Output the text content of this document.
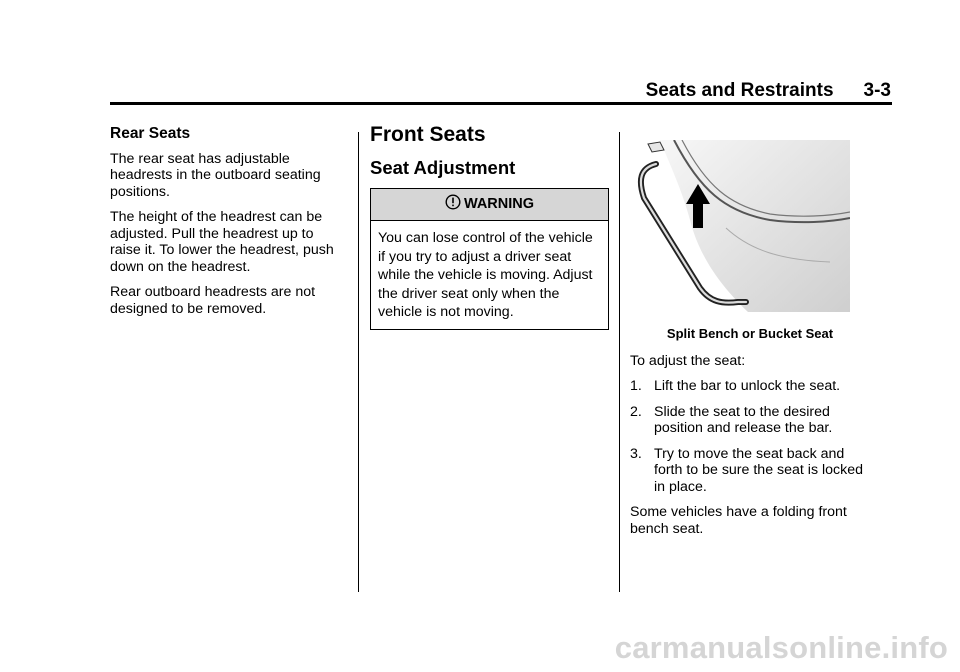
Seats and Restraints 3-3
Rear Seats

The rear seat has adjustable headrests in the outboard seating positions.

The height of the headrest can be adjusted. Pull the headrest up to raise it. To lower the headrest, push down on the headrest.

Rear outboard headrests are not designed to be removed.

Front Seats
Seat Adjustment
WARNING
You can lose control of the vehicle if you try to adjust a driver seat while the vehicle is moving. Adjust the driver seat only when the vehicle is not moving.
Split Bench or Bucket Seat

To adjust the seat:

1. Lift the bar to unlock the seat.
2. Slide the seat to the desired position and release the bar.
3. Try to move the seat back and forth to be sure the seat is locked in place.

Some vehicles have a folding front bench seat.

carmanualsonline.info
